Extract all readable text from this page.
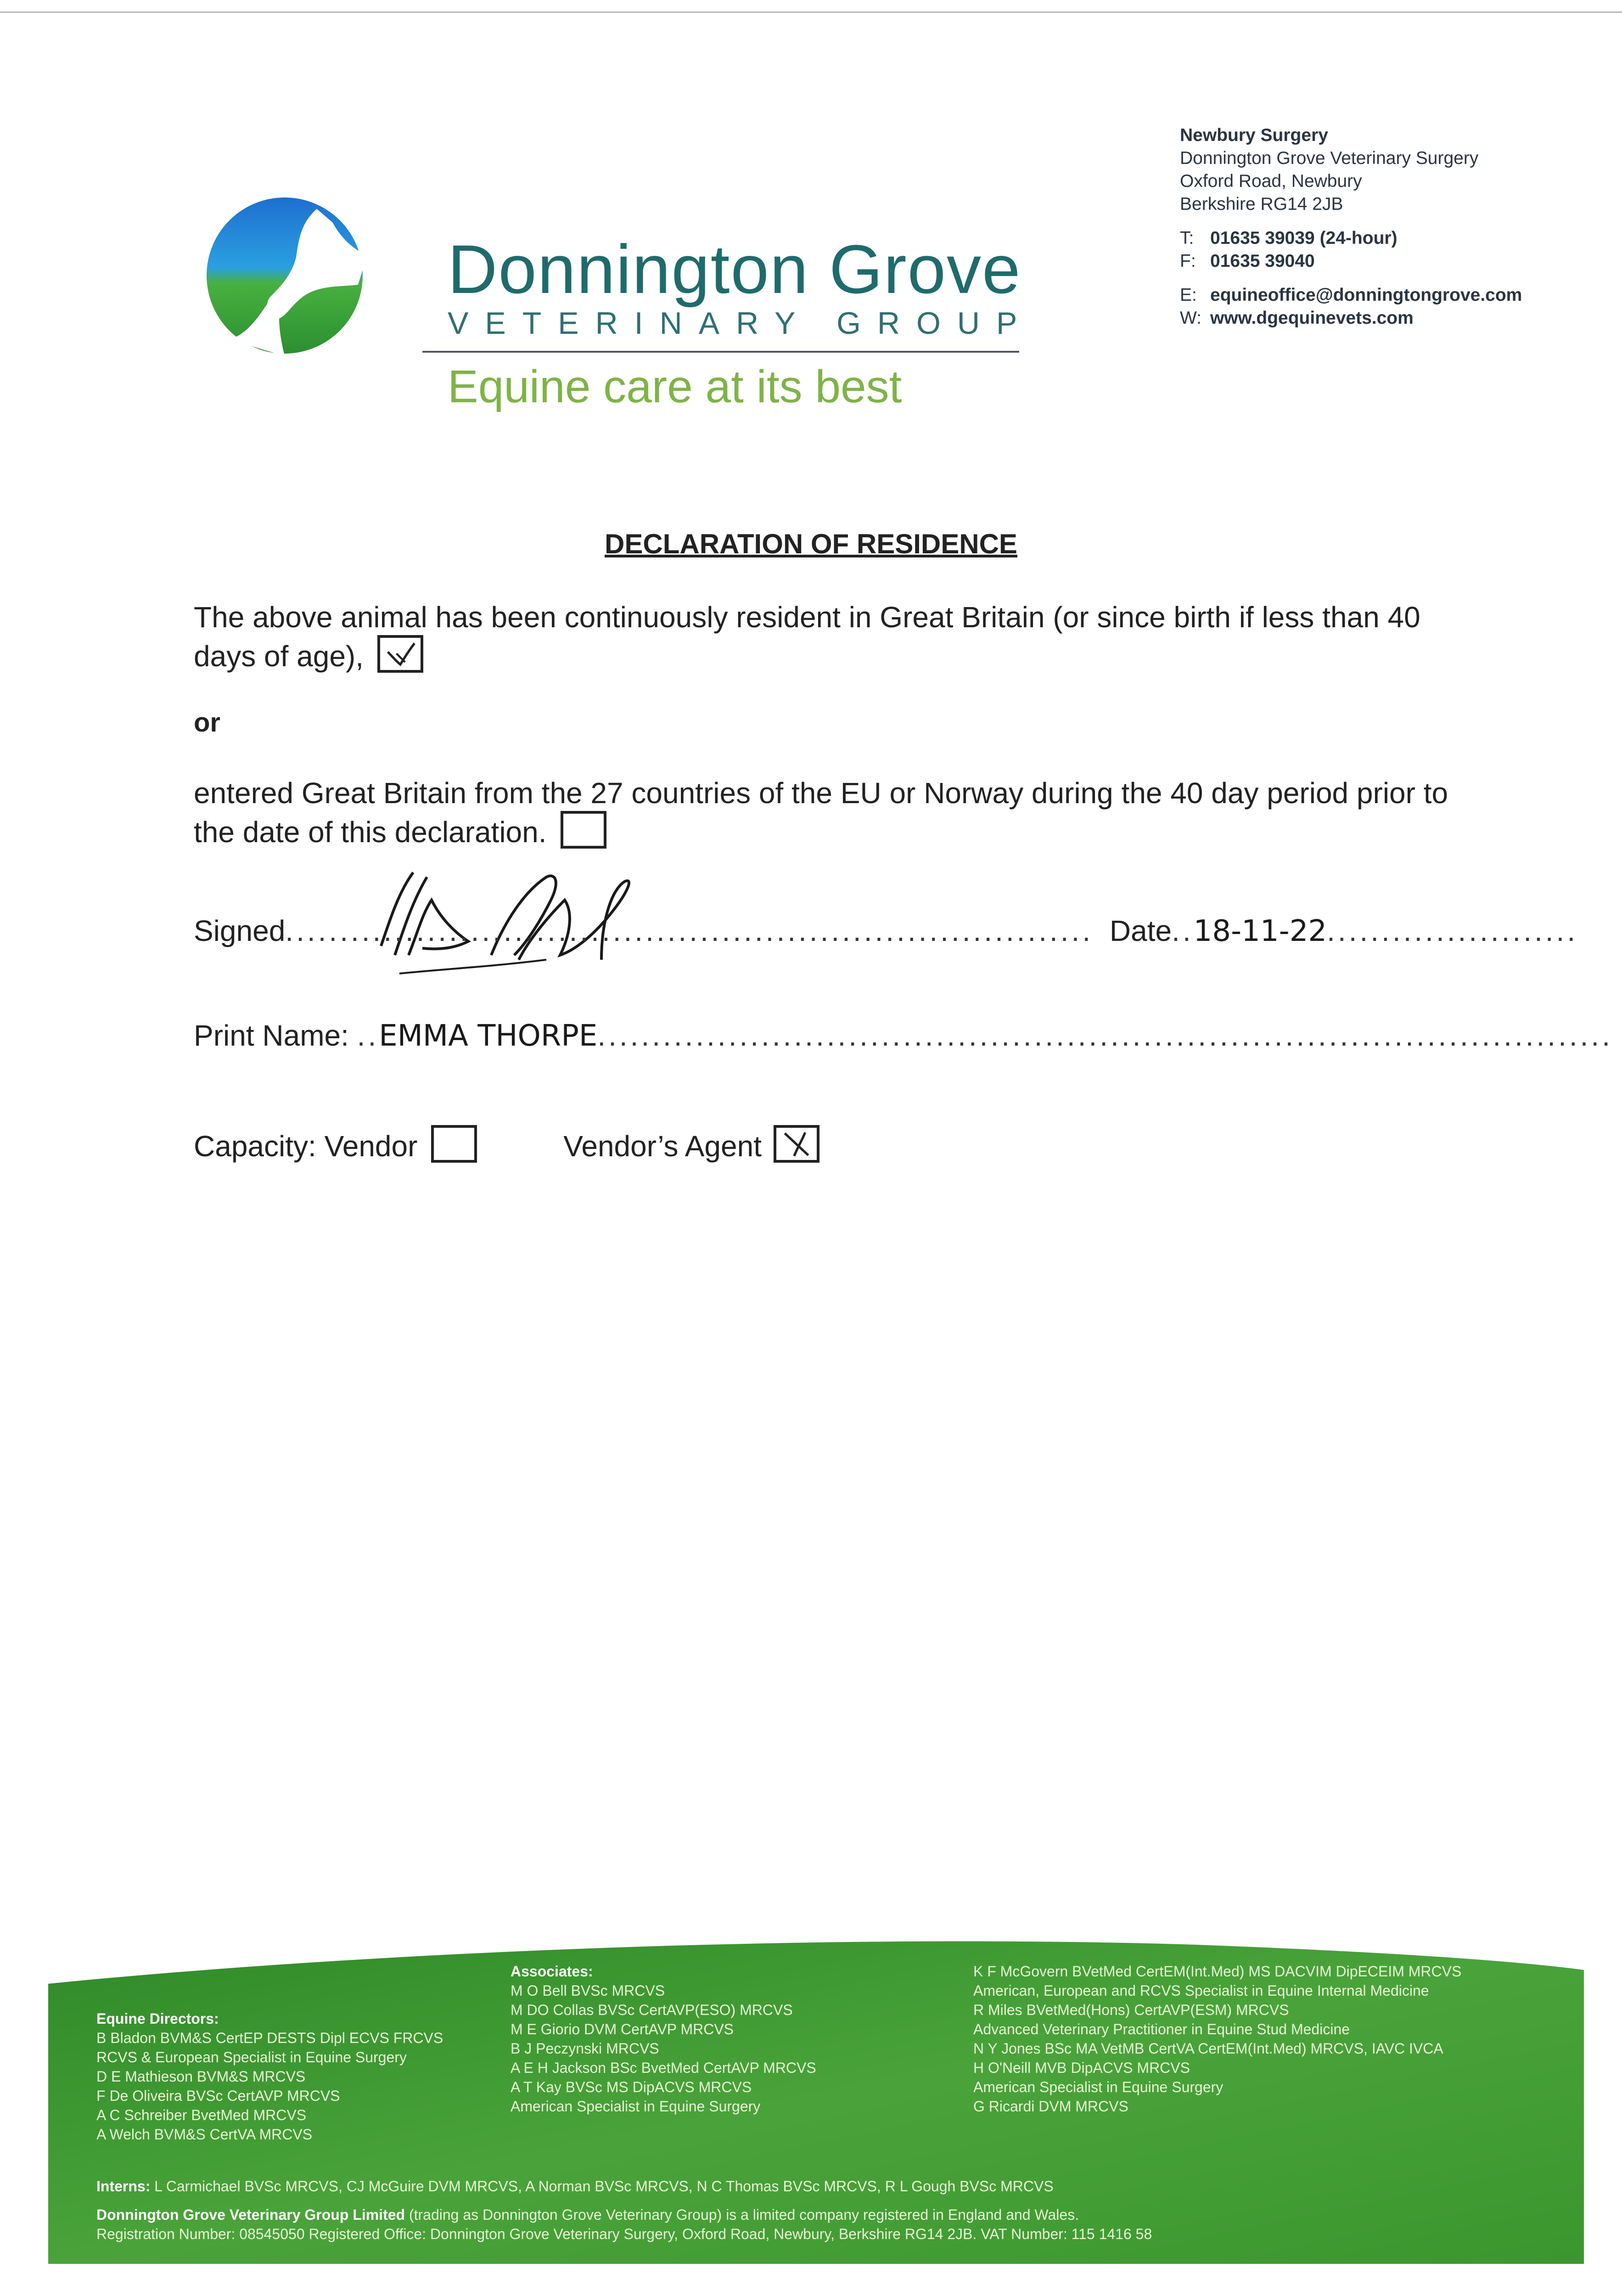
Donnington Grove
VETERINARY GROUP
Equine care at its best
Newbury Surgery
Donnington Grove Veterinary Surgery
Oxford Road, Newbury
Berkshire RG14 2JB
T: 01635 39039 (24-hour)
F: 01635 39040
E: equineoffice@donningtongrove.com
W: www.dgequinevets.com
DECLARATION OF RESIDENCE
The above animal has been continuously resident in Great Britain (or since birth if less than 40 days of age),
or
entered Great Britain from the 27 countries of the EU or Norway during the 40 day period prior to the date of this declaration.
Signed.......................................................................... Date..18-11-22.......................
Print Name: ..EMMA THORPE.............................................................................................
Capacity: Vendor	Vendor’s Agent
Equine Directors:
B Bladon BVM&S CertEP DESTS Dipl ECVS FRCVS
RCVS & European Specialist in Equine Surgery
D E Mathieson BVM&S MRCVS
F De Oliveira BVSc CertAVP MRCVS
A C Schreiber BvetMed MRCVS
A Welch BVM&S CertVA MRCVS
Associates:
M O Bell BVSc MRCVS
M DO Collas BVSc CertAVP(ESO) MRCVS
M E Giorio DVM CertAVP MRCVS
B J Peczynski MRCVS
A E H Jackson BSc BvetMed CertAVP MRCVS
A T Kay BVSc MS DipACVS MRCVS
American Specialist in Equine Surgery
K F McGovern BVetMed CertEM(Int.Med) MS DACVIM DipECEIM MRCVS
American, European and RCVS Specialist in Equine Internal Medicine
R Miles BVetMed(Hons) CertAVP(ESM) MRCVS
Advanced Veterinary Practitioner in Equine Stud Medicine
N Y Jones BSc MA VetMB CertVA CertEM(Int.Med) MRCVS, IAVC IVCA
H O'Neill MVB DipACVS MRCVS
American Specialist in Equine Surgery
G Ricardi DVM MRCVS
Interns: L Carmichael BVSc MRCVS, CJ McGuire DVM MRCVS, A Norman BVSc MRCVS, N C Thomas BVSc MRCVS, R L Gough BVSc MRCVS
Donnington Grove Veterinary Group Limited (trading as Donnington Grove Veterinary Group) is a limited company registered in England and Wales.
Registration Number: 08545050 Registered Office: Donnington Grove Veterinary Surgery, Oxford Road, Newbury, Berkshire RG14 2JB. VAT Number: 115 1416 58
